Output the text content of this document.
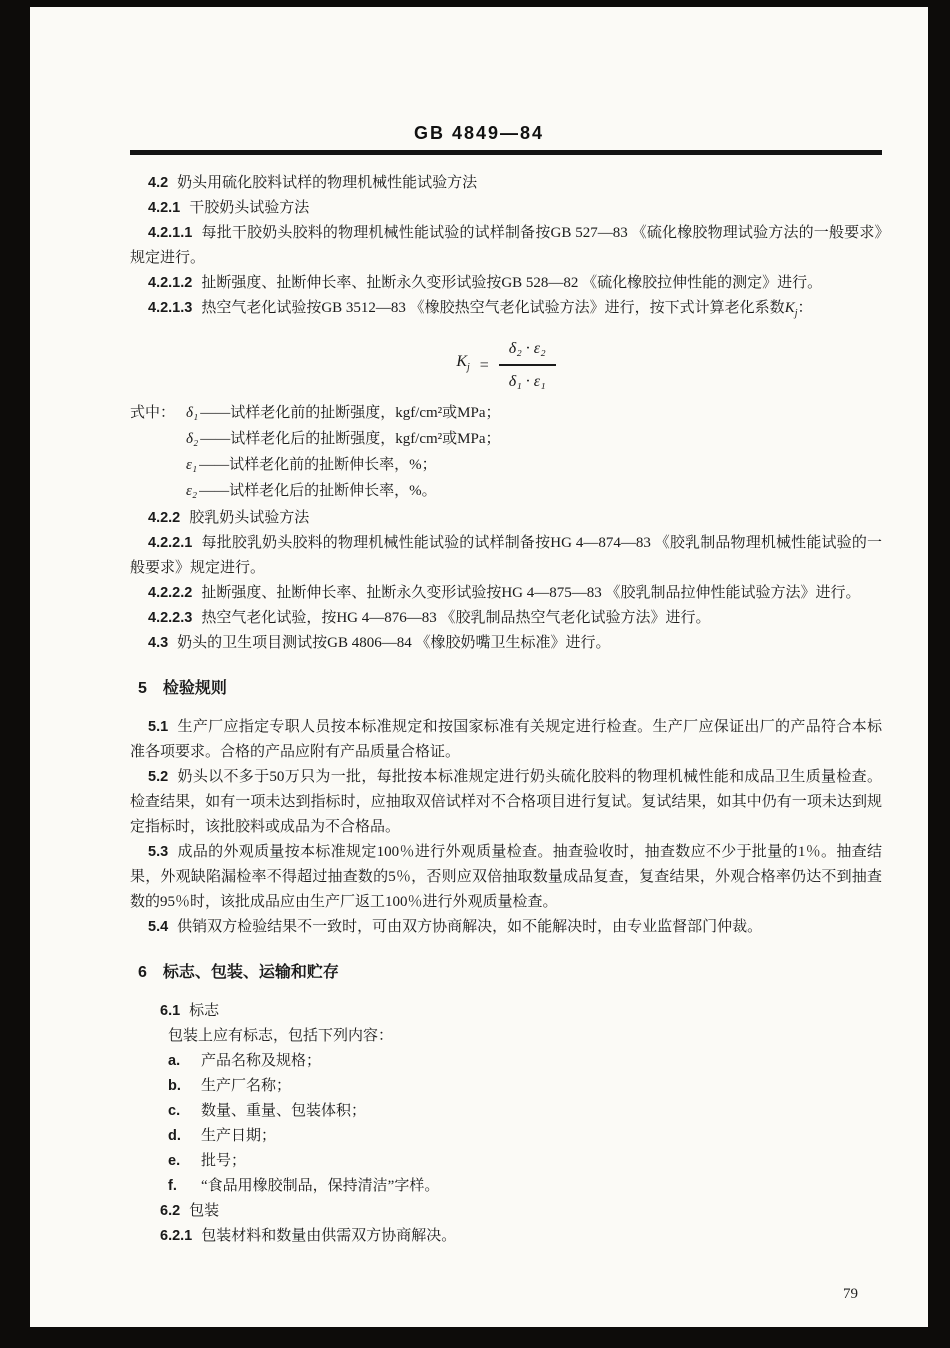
GB 4849—84

4.2 奶头用硫化胶料试样的物理机械性能试验方法

4.2.1 干胶奶头试验方法

4.2.1.1 每批干胶奶头胶料的物理机械性能试验的试样制备按GB 527—83 《硫化橡胶物理试验方法的一般要求》规定进行。

4.2.1.2 扯断强度、扯断伸长率、扯断永久变形试验按GB 528—82 《硫化橡胶拉伸性能的测定》进行。

4.2.1.3 热空气老化试验按GB 3512—83 《橡胶热空气老化试验方法》进行，按下式计算老化系数$K_j$：

$K_j = \frac{\text{δ₂ · ε₂}}{\text{δ₁ · ε₁}}$
式中： δ₁ ——试样老化前的扯断强度，kgf/cm²或MPa；
δ₂ ——试样老化后的扯断强度，kgf/cm²或MPa；
ε₁ ——试样老化前的扯断伸长率，%；
ε₂ ——试样老化后的扯断伸长率，%。

4.2.2 胶乳奶头试验方法

4.2.2.1 每批胶乳奶头胶料的物理机械性能试验的试样制备按HG 4—874—83 《胶乳制品物理机械性能试验的一般要求》规定进行。

4.2.2.2 扯断强度、扯断伸长率、扯断永久变形试验按HG 4—875—83 《胶乳制品拉伸性能试验方法》进行。

4.2.2.3 热空气老化试验，按HG 4—876—83 《胶乳制品热空气老化试验方法》进行。

4.3 奶头的卫生项目测试按GB 4806—84 《橡胶奶嘴卫生标准》进行。

5 检验规则

5.1 生产厂应指定专职人员按本标准规定和按国家标准有关规定进行检查。生产厂应保证出厂的产品符合本标准各项要求。合格的产品应附有产品质量合格证。

5.2 奶头以不多于50万只为一批，每批按本标准规定进行奶头硫化胶料的物理机械性能和成品卫生质量检查。检查结果，如有一项未达到指标时，应抽取双倍试样对不合格项目进行复试。复试结果，如其中仍有一项未达到规定指标时，该批胶料或成品为不合格品。

5.3 成品的外观质量按本标准规定100％进行外观质量检查。抽查验收时，抽查数应不少于批量的1％。抽查结果，外观缺陷漏检率不得超过抽查数的5％，否则应双倍抽取数量成品复查，复查结果，外观合格率仍达不到抽查数的95％时，该批成品应由生产厂返工100％进行外观质量检查。

5.4 供销双方检验结果不一致时，可由双方协商解决，如不能解决时，由专业监督部门仲裁。

6 标志、包装、运输和贮存

6.1 标志

包装上应有标志，包括下列内容：

a. 产品名称及规格；
b. 生产厂名称；
c. 数量、重量、包装体积；
d. 生产日期；
e. 批号；
f. “食品用橡胶制品，保持清洁”字样。

6.2 包装

6.2.1 包装材料和数量由供需双方协商解决。

79
